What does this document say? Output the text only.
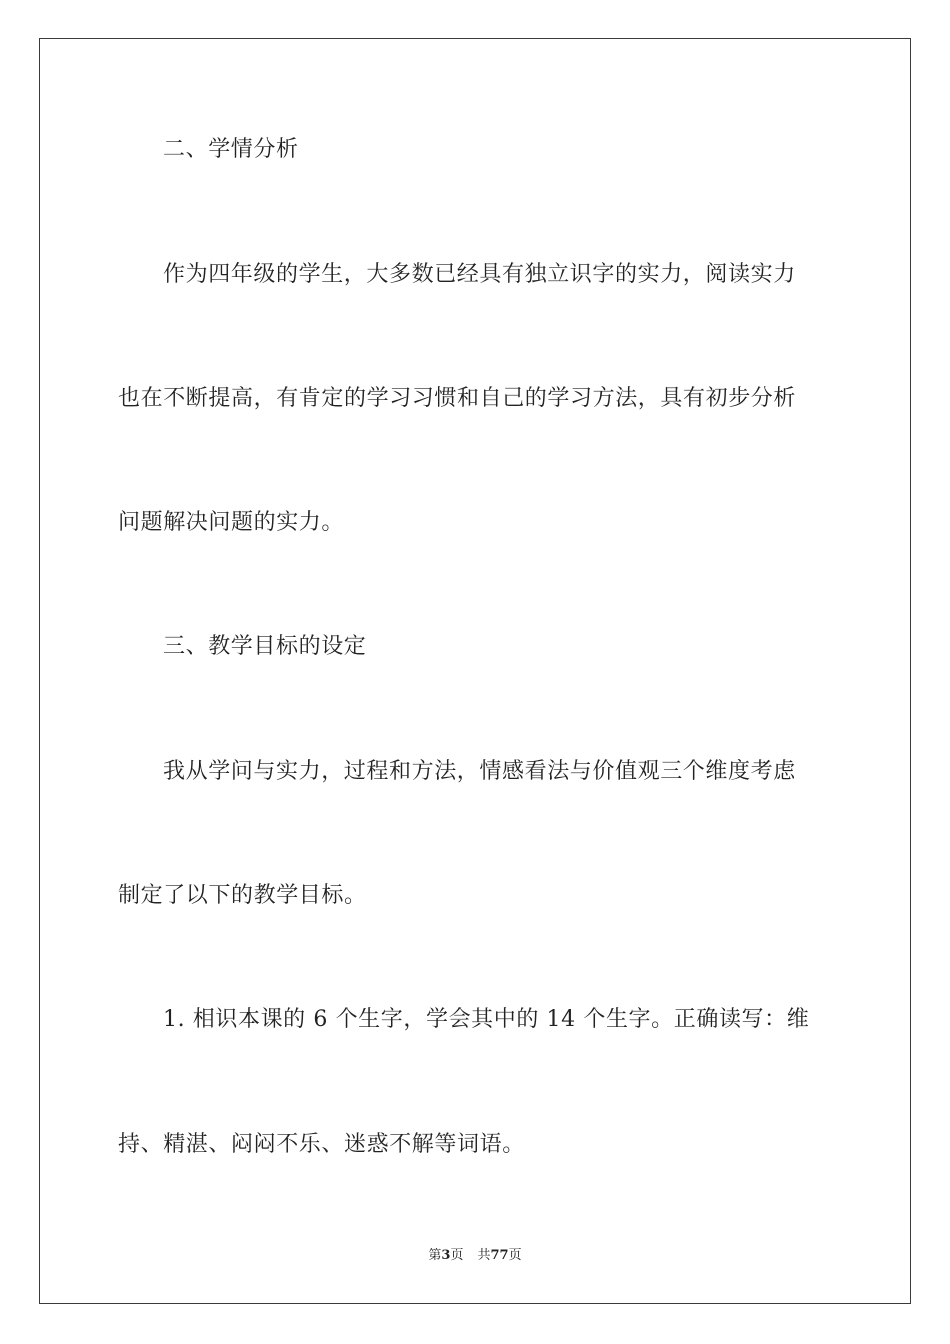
二、学情分析
作为四年级的学生，大多数已经具有独立识字的实力，阅读实力
也在不断提高，有肯定的学习习惯和自己的学习方法，具有初步分析
问题解决问题的实力。
三、教学目标的设定
我从学问与实力，过程和方法，情感看法与价值观三个维度考虑
制定了以下的教学目标。
1. 相识本课的 6 个生字，学会其中的 14 个生字。正确读写：维
持、精湛、闷闷不乐、迷惑不解等词语。
第3页 共77页
